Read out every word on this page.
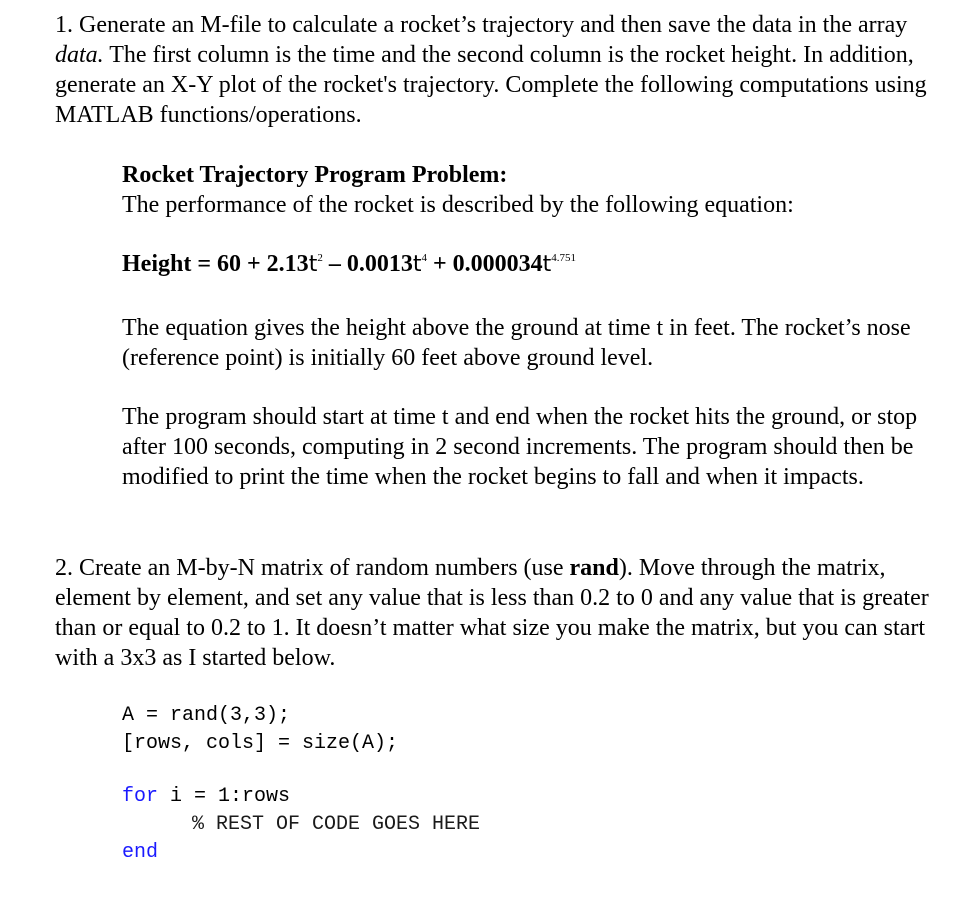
1. Generate an M-file to calculate a rocket’s trajectory and then save the data in the array data. The first column is the time and the second column is the rocket height. In addition, generate an X-Y plot of the rocket's trajectory. Complete the following computations using MATLAB functions/operations.

Rocket Trajectory Program Problem:
The performance of the rocket is described by the following equation:
Height = $60 + 2.13t^2 - 0.0013t^4 + 0.000034t^{4.751}$

The equation gives the height above the ground at time t in feet. The rocket’s nose (reference point) is initially 60 feet above ground level.

The program should start at time t and end when the rocket hits the ground, or stop after 100 seconds, computing in 2 second increments. The program should then be modified to print the time when the rocket begins to fall and when it impacts.

2. Create an M-by-N matrix of random numbers (use rand). Move through the matrix, element by element, and set any value that is less than 0.2 to 0 and any value that is greater than or equal to 0.2 to 1. It doesn’t matter what size you make the matrix, but you can start with a 3x3 as I started below.

A = rand(3,3);
[rows, cols] = size(A);
for i = 1:rows
% REST OF CODE GOES HERE
end
